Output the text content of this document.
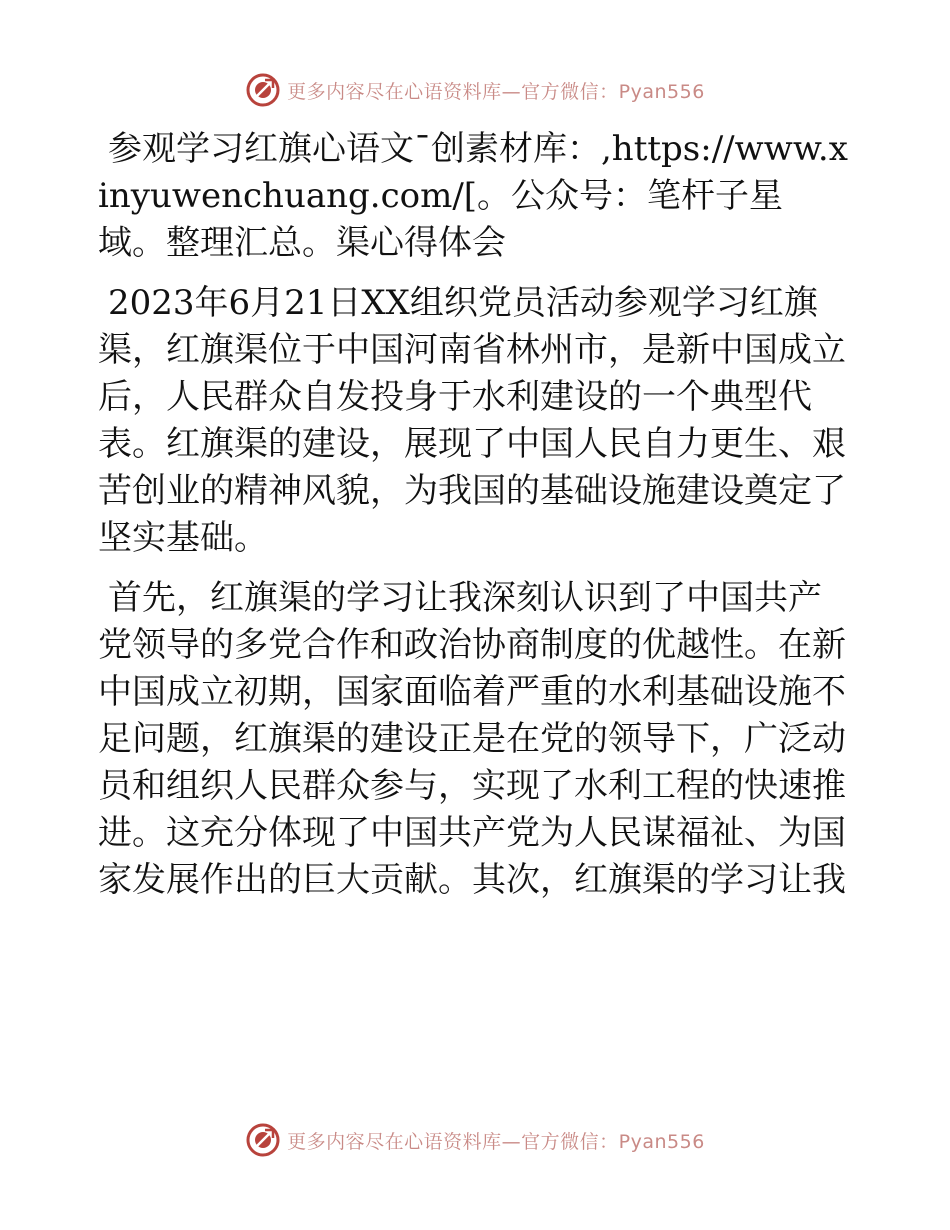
更多内容尽在心语资料库—官方微信：Pyan556

参观学习红旗心语文¯创素材库：,https://www.xinyuwenchuang.com/[。公众号：笔杆子星域。整理汇总。渠心得体会

2023年6月21日XX组织党员活动参观学习红旗渠，红旗渠位于中国河南省林州市，是新中国成立后，人民群众自发投身于水利建设的一个典型代表。红旗渠的建设，展现了中国人民自力更生、艰苦创业的精神风貌，为我国的基础设施建设奠定了坚实基础。

首先，红旗渠的学习让我深刻认识到了中国共产党领导的多党合作和政治协商制度的优越性。在新中国成立初期，国家面临着严重的水利基础设施不足问题，红旗渠的建设正是在党的领导下，广泛动员和组织人民群众参与，实现了水利工程的快速推进。这充分体现了中国共产党为人民谋福祉、为国家发展作出的巨大贡献。其次，红旗渠的学习让我

更多内容尽在心语资料库—官方微信：Pyan556
